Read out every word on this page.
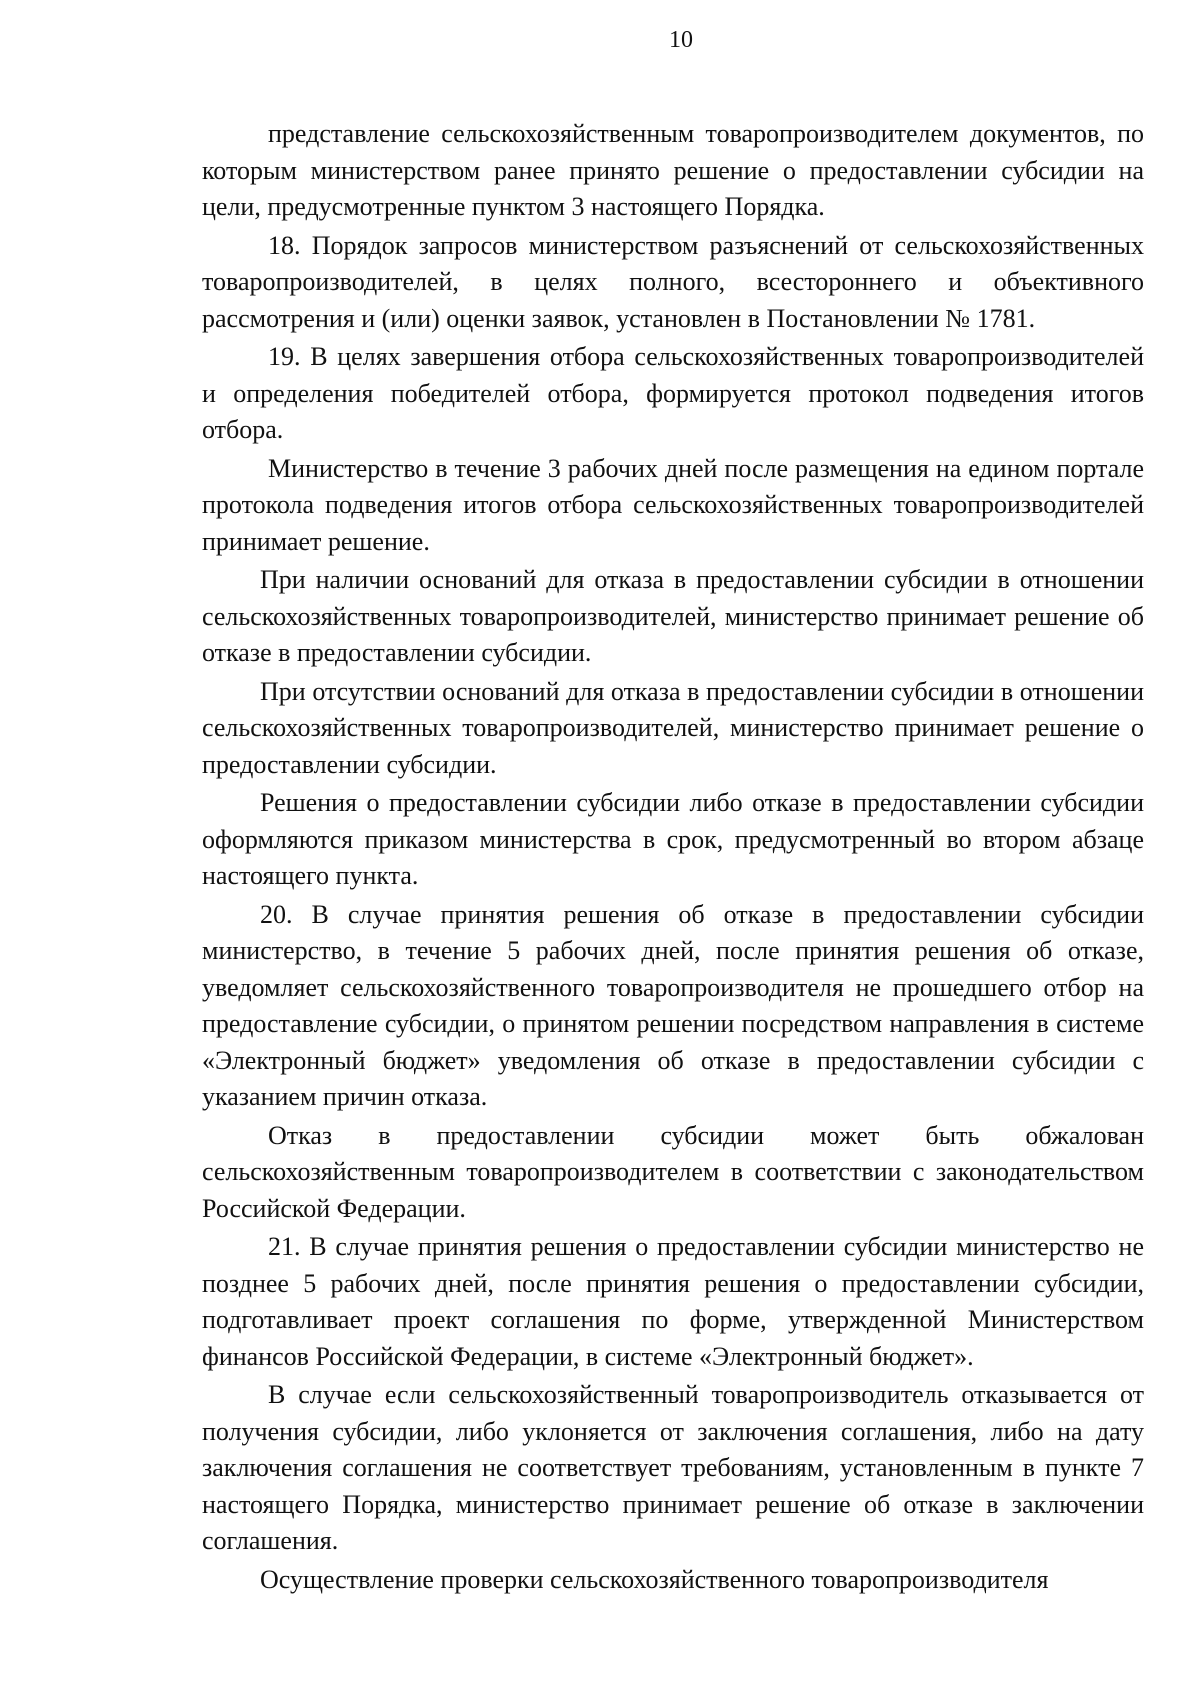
10

представление сельскохозяйственным товаропроизводителем документов, по которым министерством ранее принято решение о предоставлении субсидии на цели, предусмотренные пунктом 3 настоящего Порядка.

18. Порядок запросов министерством разъяснений от сельскохозяйственных товаропроизводителей, в целях полного, всестороннего и объективного рассмотрения и (или) оценки заявок, установлен в Постановлении № 1781.

19. В целях завершения отбора сельскохозяйственных товаропроизводителей и определения победителей отбора, формируется протокол подведения итогов отбора.

Министерство в течение 3 рабочих дней после размещения на едином портале протокола подведения итогов отбора сельскохозяйственных товаропроизводителей принимает решение.

При наличии оснований для отказа в предоставлении субсидии в отношении сельскохозяйственных товаропроизводителей, министерство принимает решение об отказе в предоставлении субсидии.

При отсутствии оснований для отказа в предоставлении субсидии в отношении сельскохозяйственных товаропроизводителей, министерство принимает решение о предоставлении субсидии.

Решения о предоставлении субсидии либо отказе в предоставлении субсидии оформляются приказом министерства в срок, предусмотренный во втором абзаце настоящего пункта.

20. В случае принятия решения об отказе в предоставлении субсидии министерство, в течение 5 рабочих дней, после принятия решения об отказе, уведомляет сельскохозяйственного товаропроизводителя не прошедшего отбор на предоставление субсидии, о принятом решении посредством направления в системе «Электронный бюджет» уведомления об отказе в предоставлении субсидии с указанием причин отказа.

Отказ в предоставлении субсидии может быть обжалован сельскохозяйственным товаропроизводителем в соответствии с законодательством Российской Федерации.

21. В случае принятия решения о предоставлении субсидии министерство не позднее 5 рабочих дней, после принятия решения о предоставлении субсидии, подготавливает проект соглашения по форме, утвержденной Министерством финансов Российской Федерации, в системе «Электронный бюджет».

В случае если сельскохозяйственный товаропроизводитель отказывается от получения субсидии, либо уклоняется от заключения соглашения, либо на дату заключения соглашения не соответствует требованиям, установленным в пункте 7 настоящего Порядка, министерство принимает решение об отказе в заключении соглашения.

Осуществление проверки сельскохозяйственного товаропроизводителя
